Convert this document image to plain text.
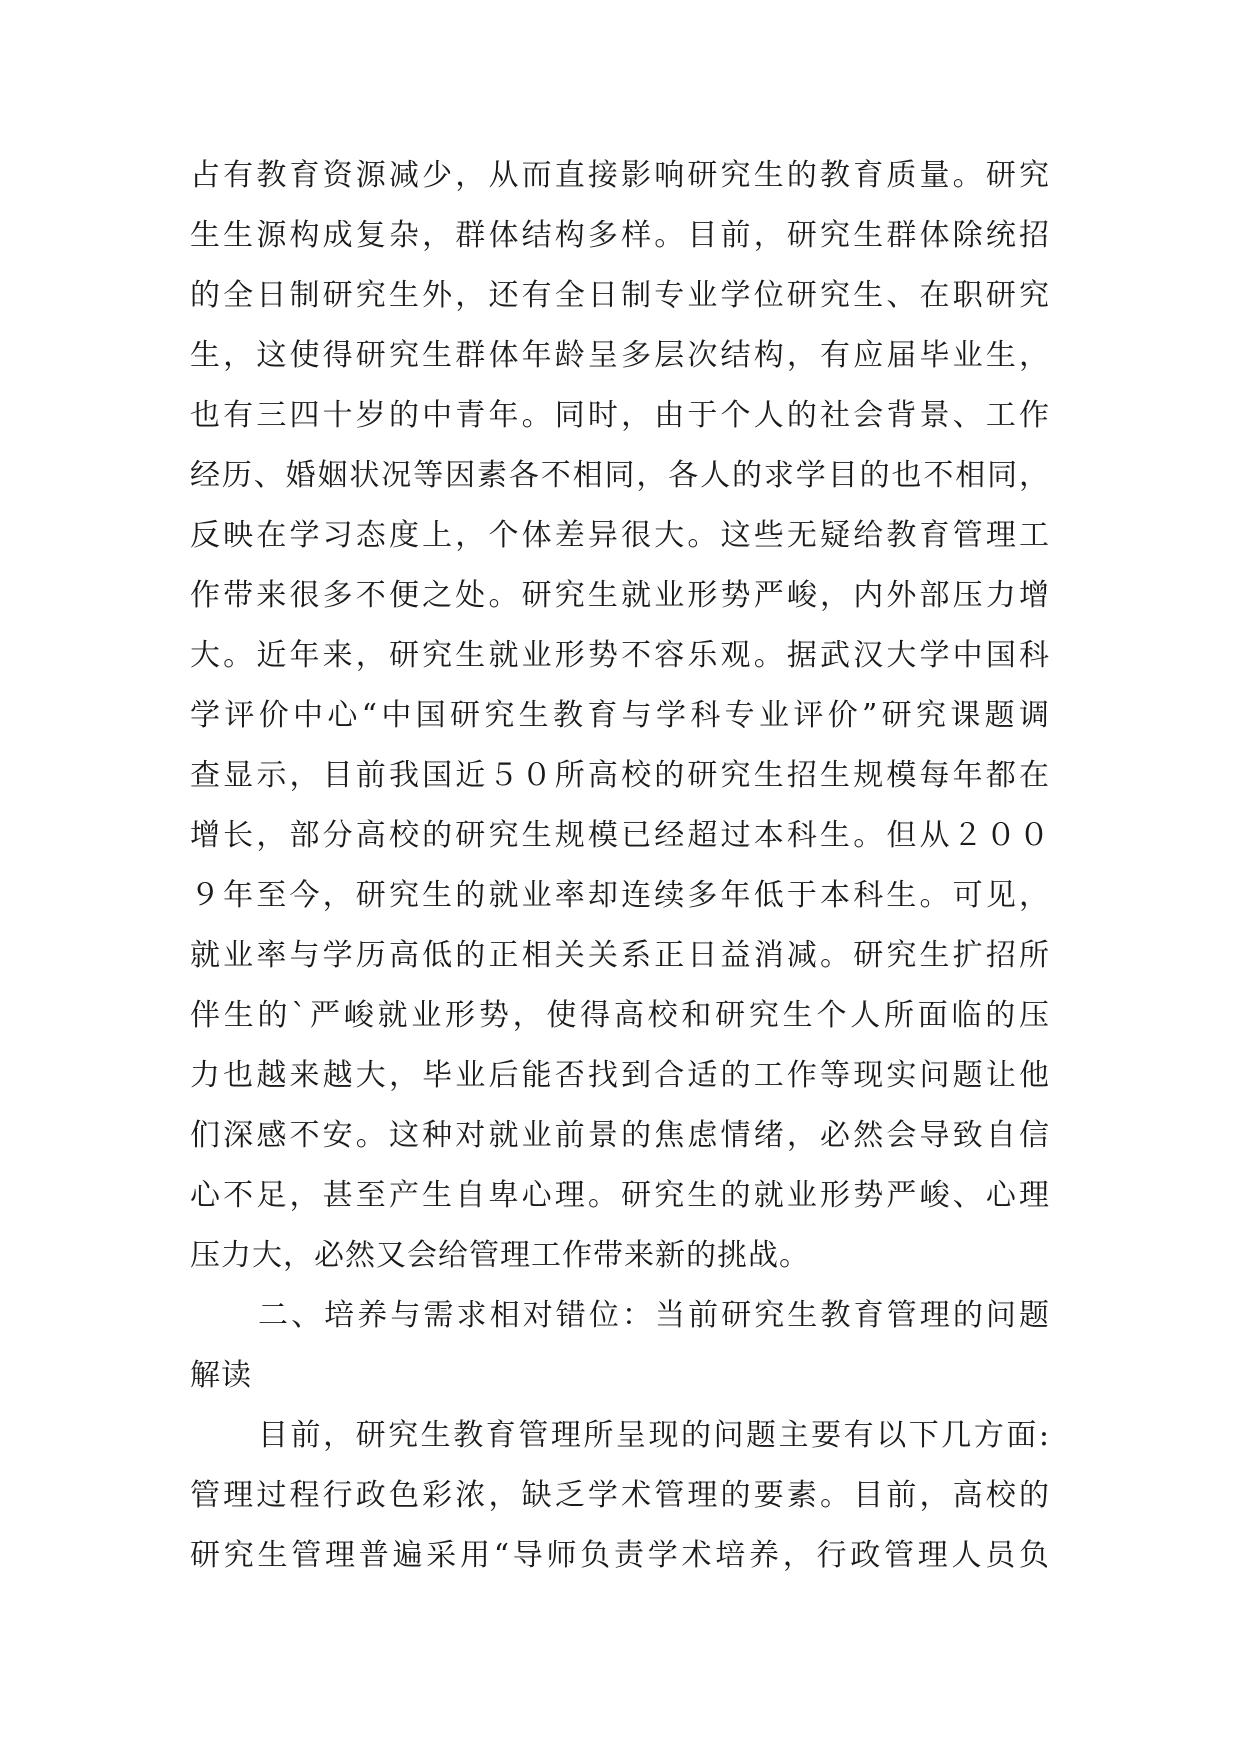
占有教育资源减少，从而直接影响研究生的教育质量。研究
生生源构成复杂，群体结构多样。目前，研究生群体除统招
的全日制研究生外，还有全日制专业学位研究生、在职研究
生，这使得研究生群体年龄呈多层次结构，有应届毕业生，
也有三四十岁的中青年。同时，由于个人的社会背景、工作
经历、婚姻状况等因素各不相同，各人的求学目的也不相同，
反映在学习态度上，个体差异很大。这些无疑给教育管理工
作带来很多不便之处。研究生就业形势严峻，内外部压力增
大。近年来，研究生就业形势不容乐观。据武汉大学中国科
学评价中心“中国研究生教育与学科专业评价”研究课题调
查显示，目前我国近５０所高校的研究生招生规模每年都在
增长，部分高校的研究生规模已经超过本科生。但从２００
９年至今，研究生的就业率却连续多年低于本科生。可见，
就业率与学历高低的正相关关系正日益消减。研究生扩招所
伴生的`严峻就业形势，使得高校和研究生个人所面临的压
力也越来越大，毕业后能否找到合适的工作等现实问题让他
们深感不安。这种对就业前景的焦虑情绪，必然会导致自信
心不足，甚至产生自卑心理。研究生的就业形势严峻、心理
压力大，必然又会给管理工作带来新的挑战。
二、培养与需求相对错位：当前研究生教育管理的问题
解读
目前，研究生教育管理所呈现的问题主要有以下几方面:
管理过程行政色彩浓，缺乏学术管理的要素。目前，高校的
研究生管理普遍采用“导师负责学术培养，行政管理人员负
